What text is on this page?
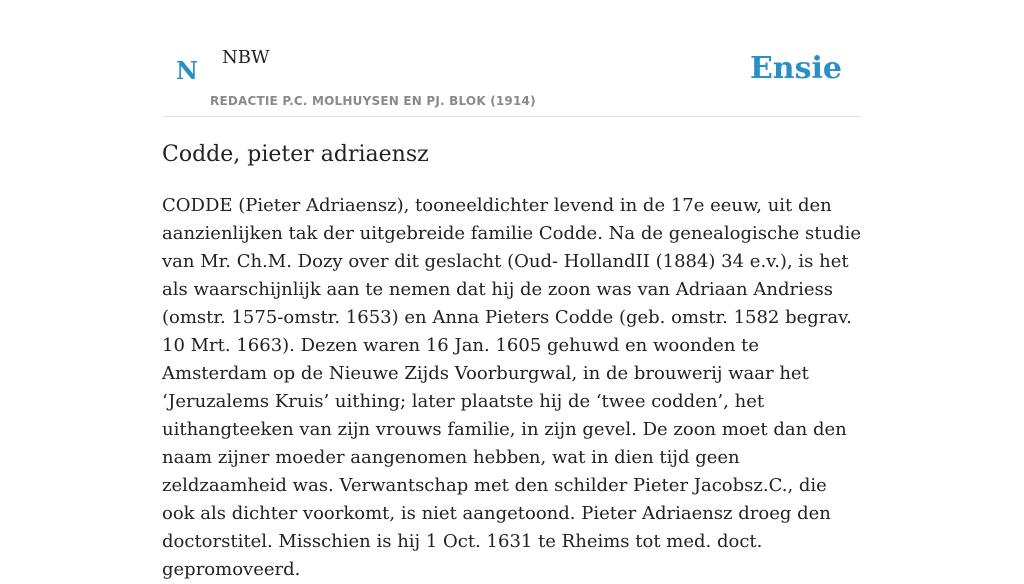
N NBW
REDACTIE P.C. MOLHUYSEN EN PJ. BLOK (1914)
Ensie
Codde, pieter adriaensz

CODDE (Pieter Adriaensz), tooneeldichter levend in de 17e eeuw, uit den aanzienlijken tak der uitgebreide familie Codde. Na de genealogische studie van Mr. Ch.M. Dozy over dit geslacht (Oud- HollandII (1884) 34 e.v.), is het als waarschijnlijk aan te nemen dat hij de zoon was van Adriaan Andriess (omstr. 1575-omstr. 1653) en Anna Pieters Codde (geb. omstr. 1582 begrav. 10 Mrt. 1663). Dezen waren 16 Jan. 1605 gehuwd en woonden te Amsterdam op de Nieuwe Zijds Voorburgwal, in de brouwerij waar het ‘Jeruzalems Kruis’ uithing; later plaatste hij de ‘twee codden’, het uithangteeken van zijn vrouws familie, in zijn gevel. De zoon moet dan den naam zijner moeder aangenomen hebben, wat in dien tijd geen zeldzaamheid was. Verwantschap met den schilder Pieter Jacobsz.C., die ook als dichter voorkomt, is niet aangetoond. Pieter Adriaensz droeg den doctorstitel. Misschien is hij 1 Oct. 1631 te Rheims tot med. doct. gepromoveerd.
